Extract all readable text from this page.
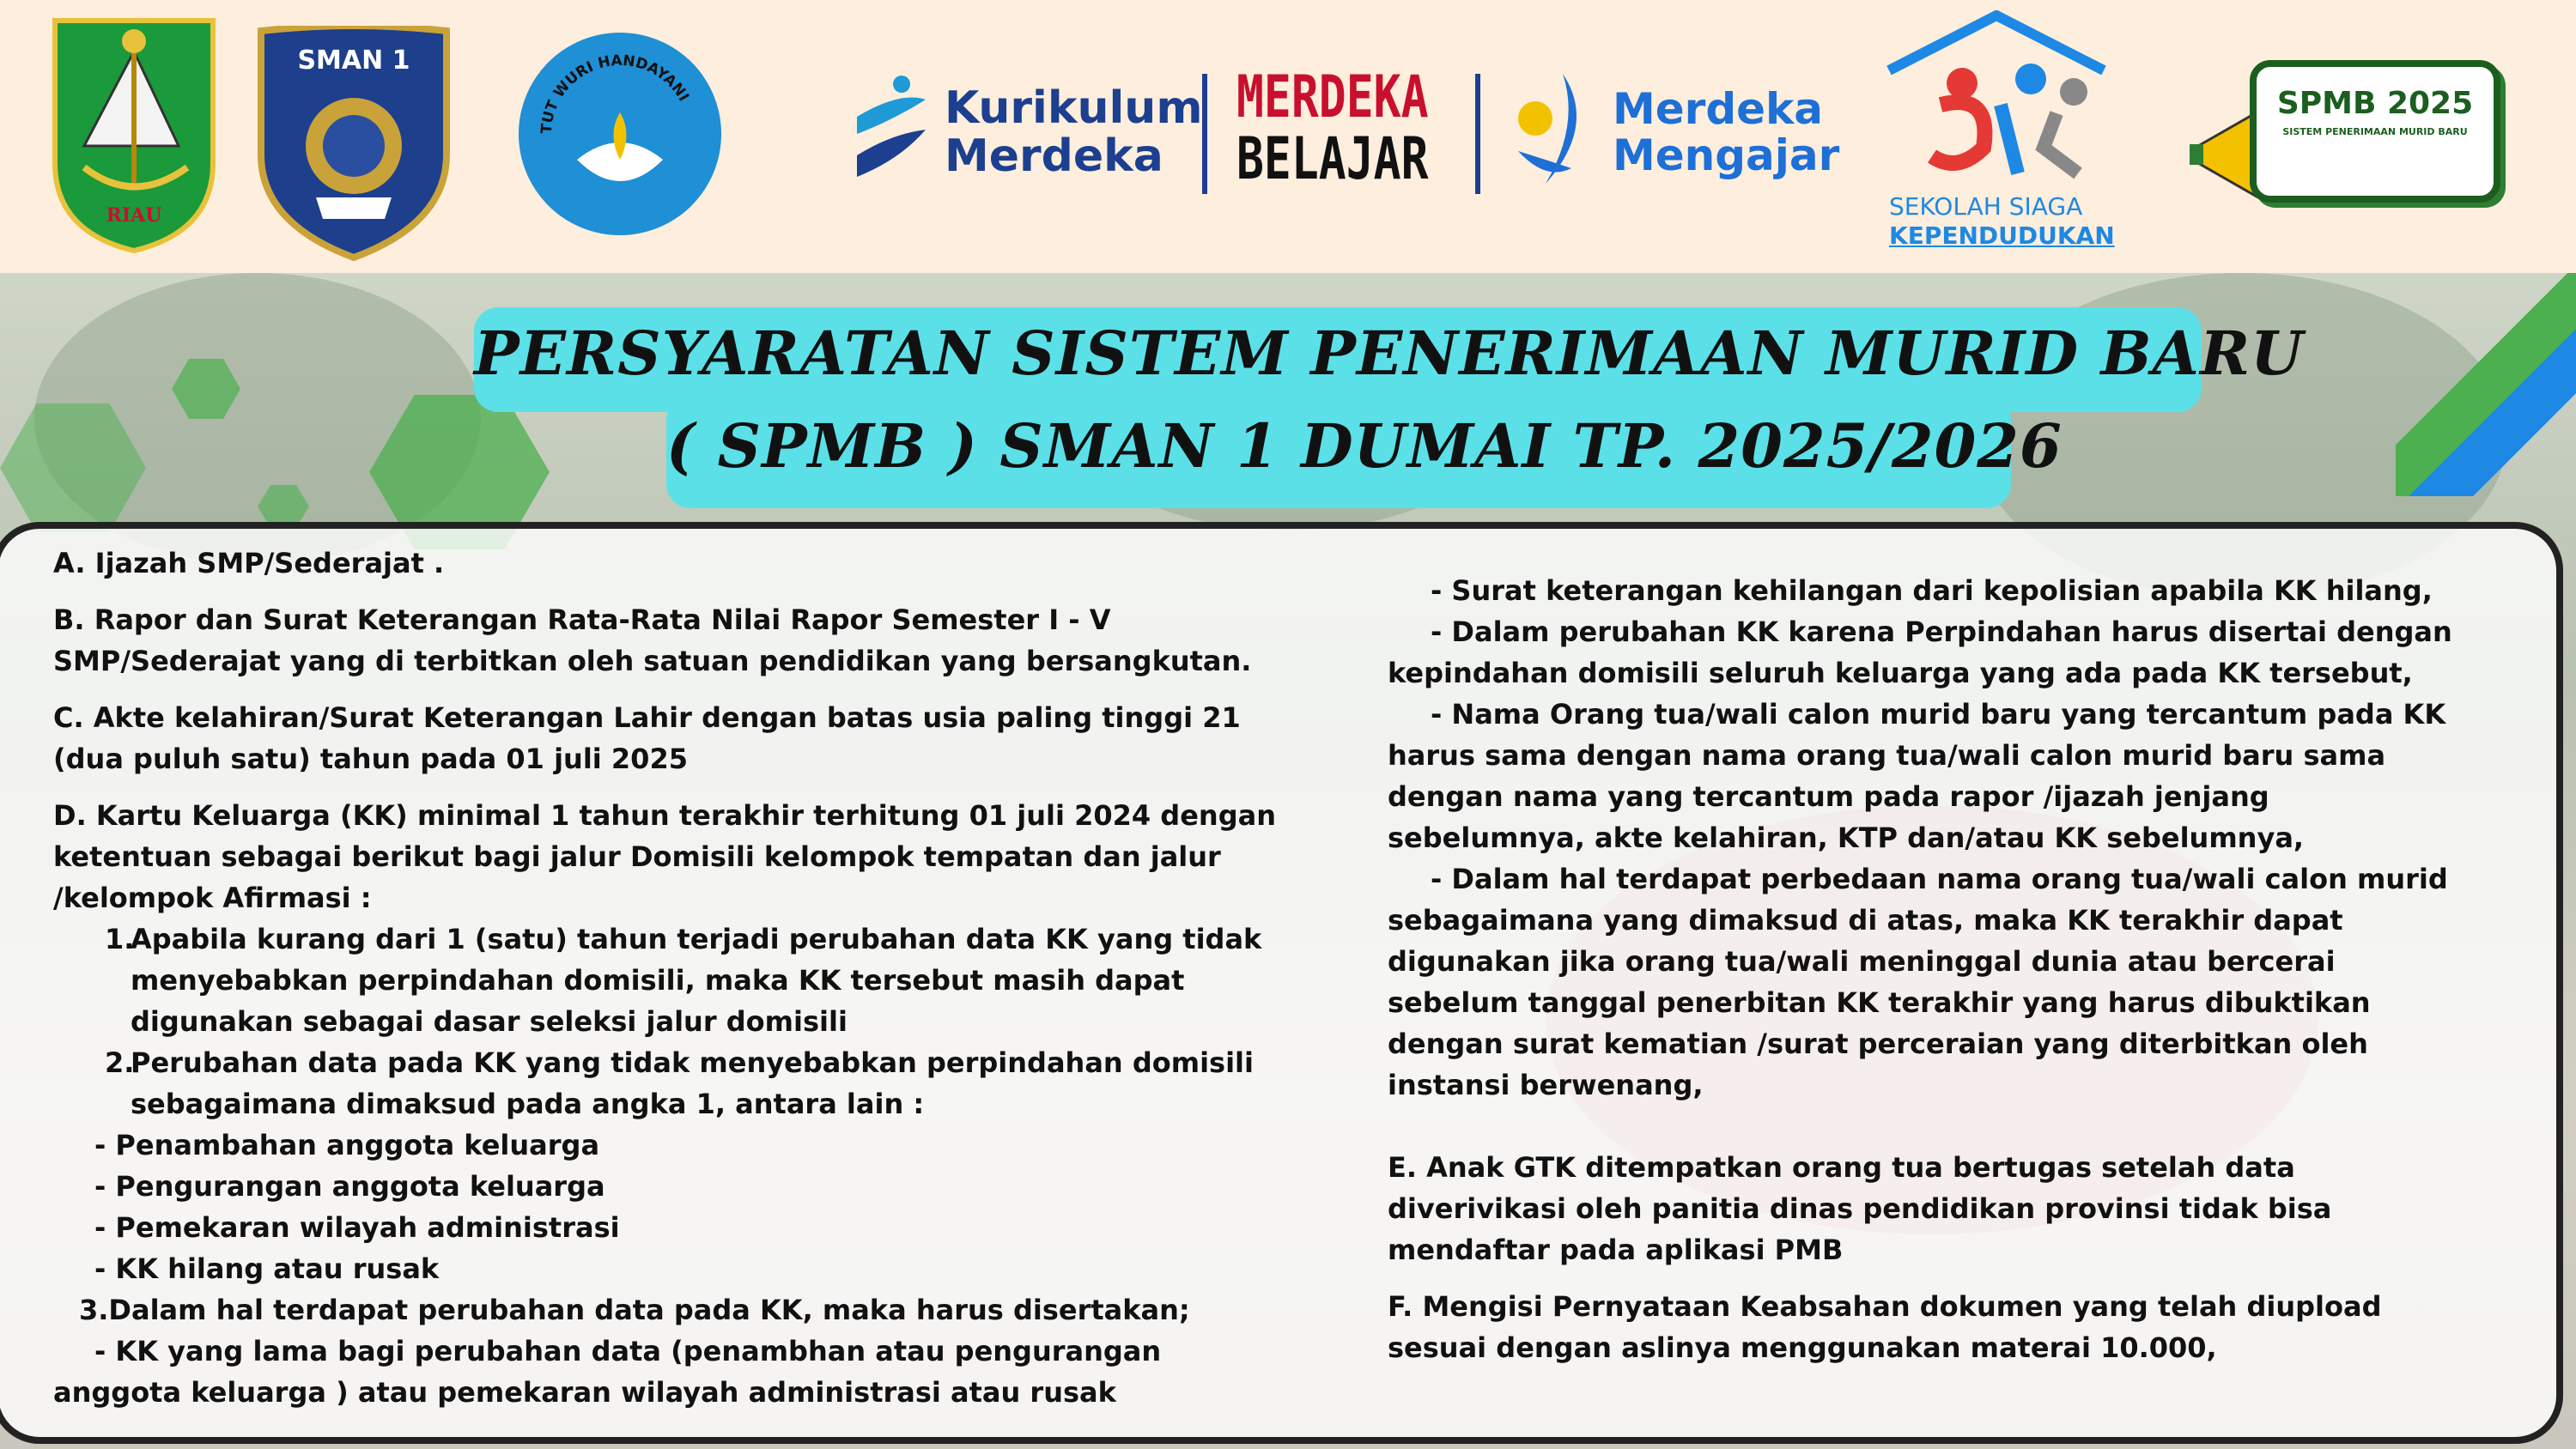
RIAU
SMAN 1
TUT WURI HANDAYANI	Kurikulum
Merdeka
MERDEKA
BELAJAR
Merdeka
Mengajar
SEKOLAH SIAGA
KEPENDUDUKAN
SPMB 2025
SISTEM PENERIMAAN MURID BARU
PERSYARATAN SISTEM PENERIMAAN MURID BARU
( SPMB ) SMAN 1 DUMAI TP. 2025/2026

A. Ijazah SMP/Sederajat .

B. Rapor dan Surat Keterangan Rata-Rata Nilai Rapor Semester I - V

SMP/Sederajat yang di terbitkan oleh satuan pendidikan yang bersangkutan.

C. Akte kelahiran/Surat Keterangan Lahir dengan batas usia paling tinggi 21

(dua puluh satu) tahun pada 01 juli 2025

D. Kartu Keluarga (KK) minimal 1 tahun terakhir terhitung 01 juli 2024 dengan

ketentuan sebagai berikut bagi jalur Domisili kelompok tempatan dan jalur

/kelompok Afirmasi :

1.Apabila kurang dari 1 (satu) tahun terjadi perubahan data KK yang tidak

menyebabkan perpindahan domisili, maka KK tersebut masih dapat

digunakan sebagai dasar seleksi jalur domisili

2.Perubahan data pada KK yang tidak menyebabkan perpindahan domisili

sebagaimana dimaksud pada angka 1, antara lain :

- Penambahan anggota keluarga

- Pengurangan anggota keluarga

- Pemekaran wilayah administrasi

- KK hilang atau rusak

3.Dalam hal terdapat perubahan data pada KK, maka harus disertakan;

- KK yang lama bagi perubahan data (penambhan atau pengurangan

anggota keluarga ) atau pemekaran wilayah administrasi atau rusak

- Surat keterangan kehilangan dari kepolisian apabila KK hilang,

- Dalam perubahan KK karena Perpindahan harus disertai dengan

kepindahan domisili seluruh keluarga yang ada pada KK tersebut,

- Nama Orang tua/wali calon murid baru yang tercantum pada KK

harus sama dengan nama orang tua/wali calon murid baru sama

dengan nama yang tercantum pada rapor /ijazah jenjang

sebelumnya, akte kelahiran, KTP dan/atau KK sebelumnya,

- Dalam hal terdapat perbedaan nama orang tua/wali calon murid

sebagaimana yang dimaksud di atas, maka KK terakhir dapat

digunakan jika orang tua/wali meninggal dunia atau bercerai

sebelum tanggal penerbitan KK terakhir yang harus dibuktikan

dengan surat kematian /surat perceraian yang diterbitkan oleh

instansi berwenang,

E. Anak GTK ditempatkan orang tua bertugas setelah data

diverivikasi oleh panitia dinas pendidikan provinsi tidak bisa

mendaftar pada aplikasi PMB

F. Mengisi Pernyataan Keabsahan dokumen yang telah diupload

sesuai dengan aslinya menggunakan materai 10.000,
